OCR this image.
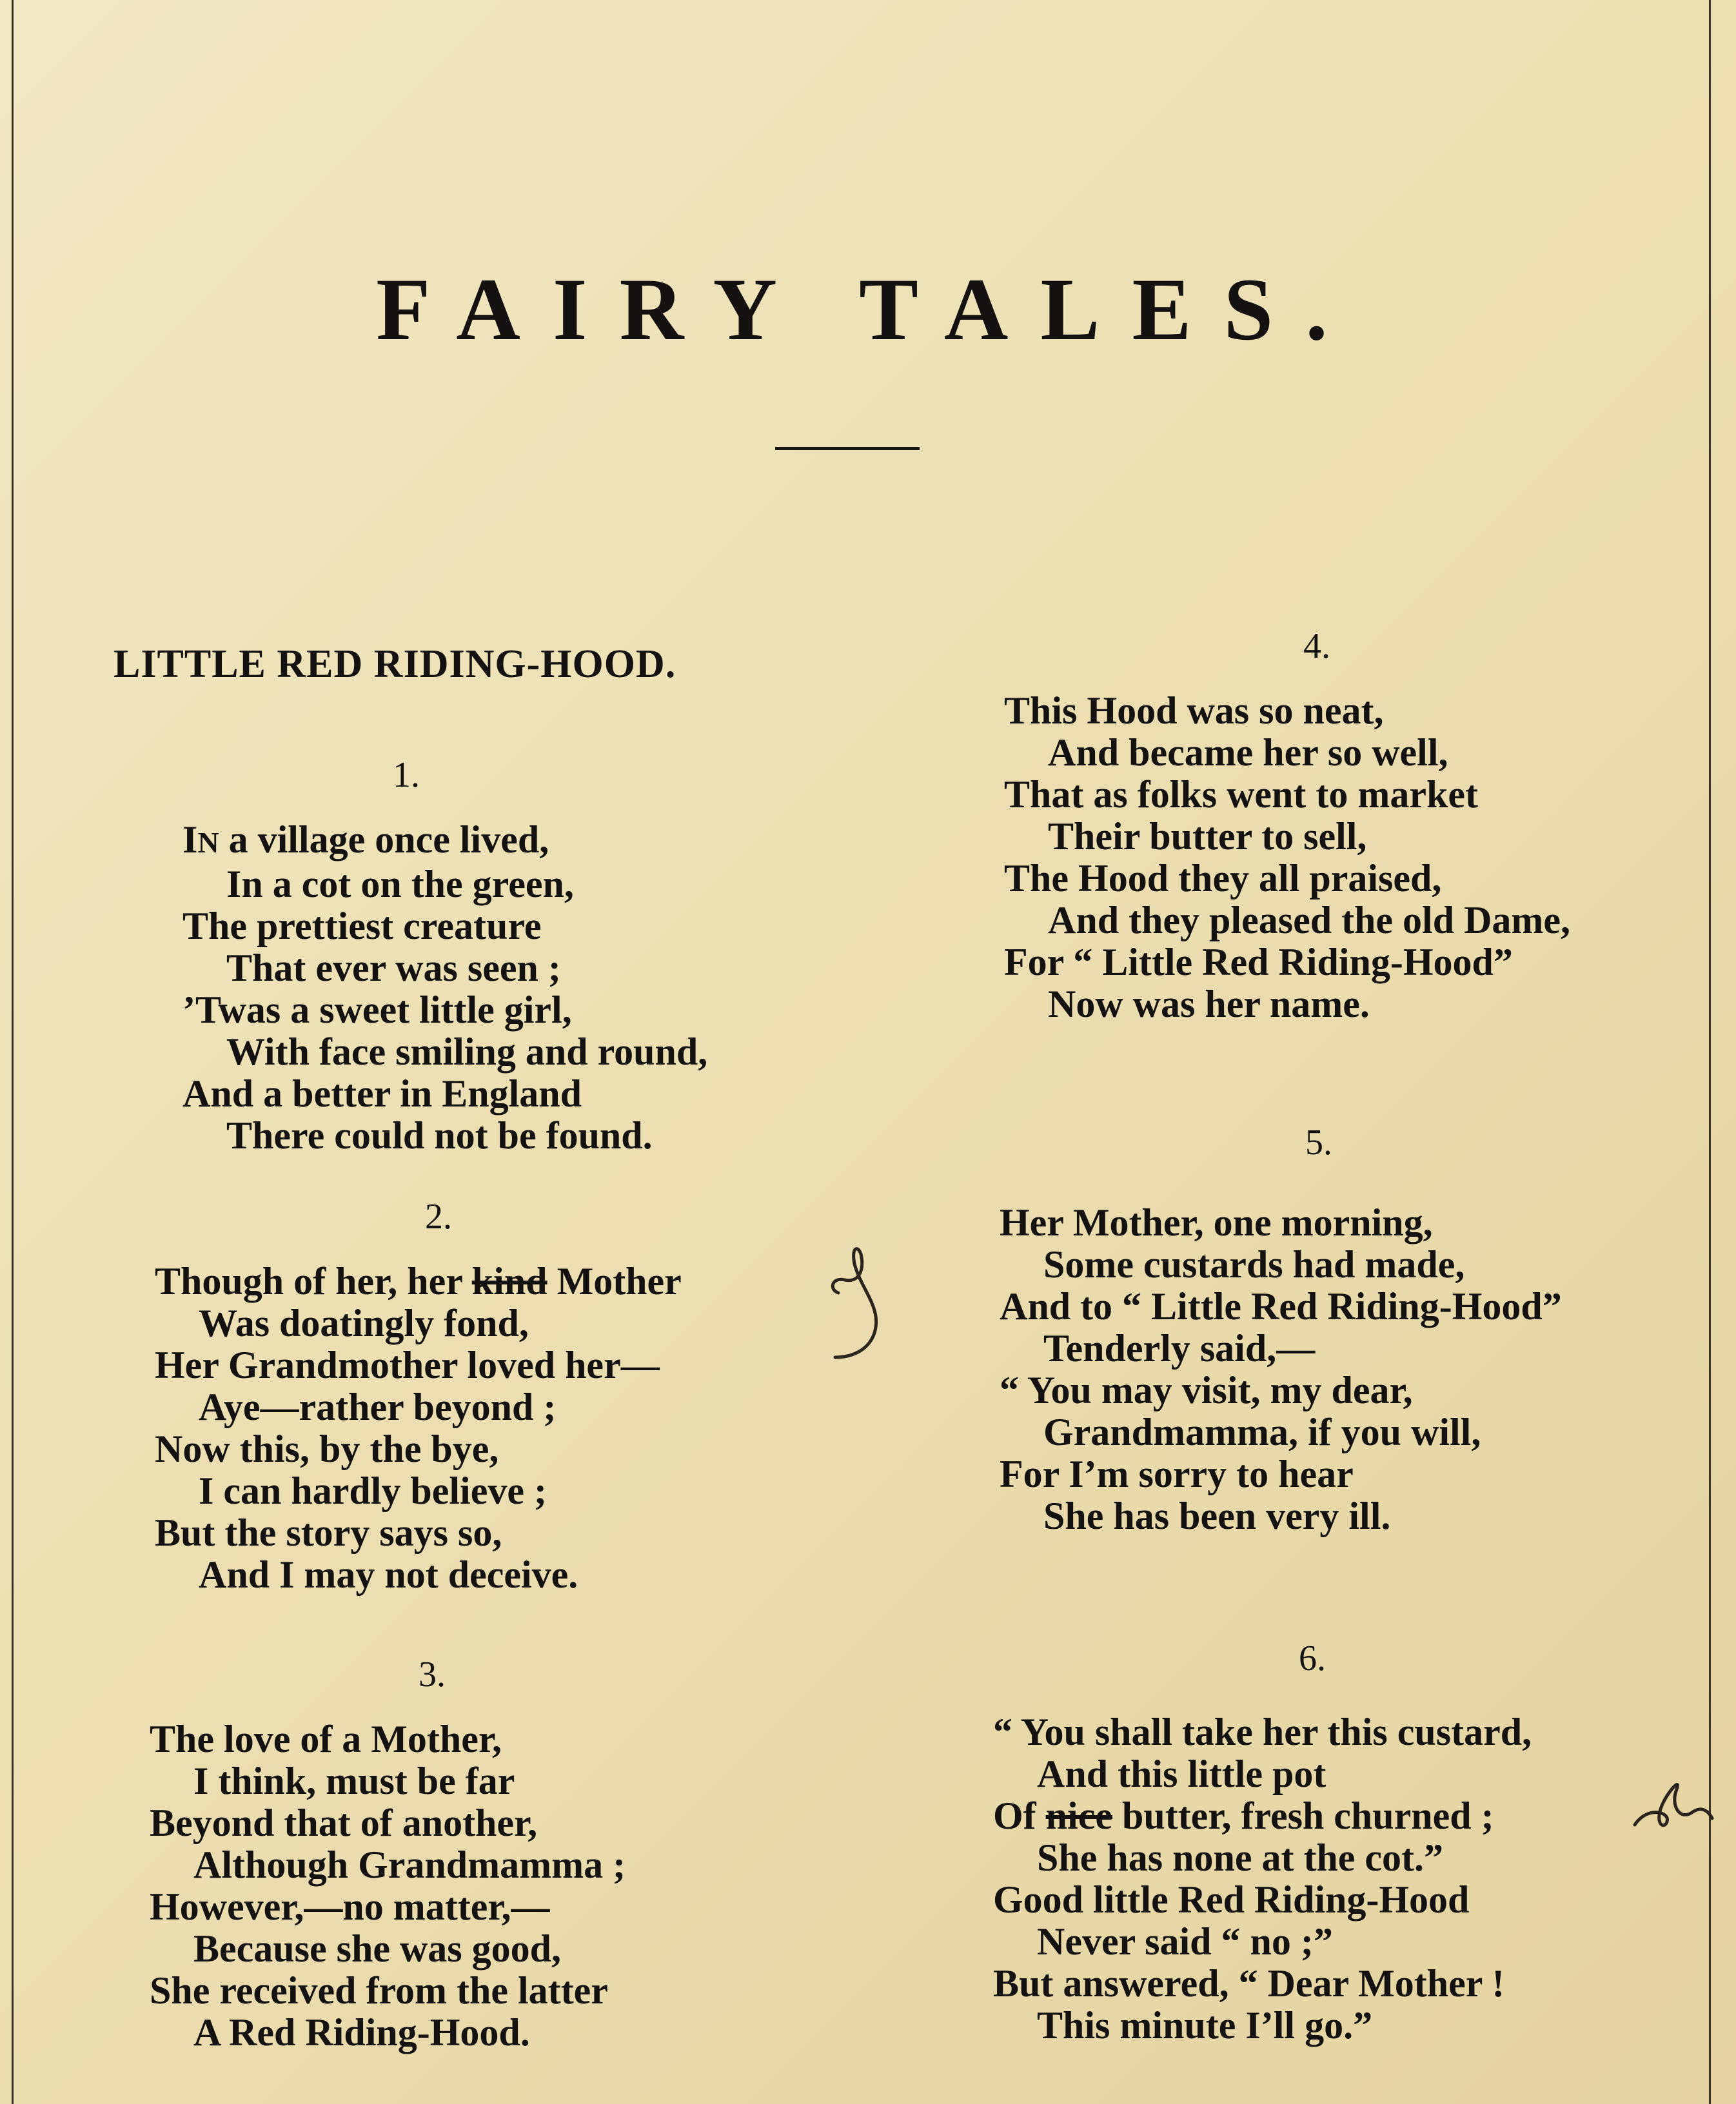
FAIRY TALES.
LITTLE RED RIDING-HOOD.
1.
IN a village once lived,
In a cot on the green,
The prettiest creature
That ever was seen ;
’Twas a sweet little girl,
With face smiling and round,
And a better in England
There could not be found.
2.
Though of her, her kind Mother
Was doatingly fond,
Her Grandmother loved her—
Aye—rather beyond ;
Now this, by the bye,
I can hardly believe ;
But the story says so,
And I may not deceive.
3.
The love of a Mother,
I think, must be far
Beyond that of another,
Although Grandmamma ;
However,—no matter,—
Because she was good,
She received from the latter
A Red Riding-Hood.
4.
This Hood was so neat,
And became her so well,
That as folks went to market
Their butter to sell,
The Hood they all praised,
And they pleased the old Dame,
For “ Little Red Riding-Hood”
Now was her name.
5.
Her Mother, one morning,
Some custards had made,
And to “ Little Red Riding-Hood”
Tenderly said,—
“ You may visit, my dear,
Grandmamma, if you will,
For I’m sorry to hear
She has been very ill.
6.
“ You shall take her this custard,
And this little pot
Of nice butter, fresh churned ;
She has none at the cot.”
Good little Red Riding-Hood
Never said “ no ;”
But answered, “ Dear Mother !
This minute I’ll go.”
